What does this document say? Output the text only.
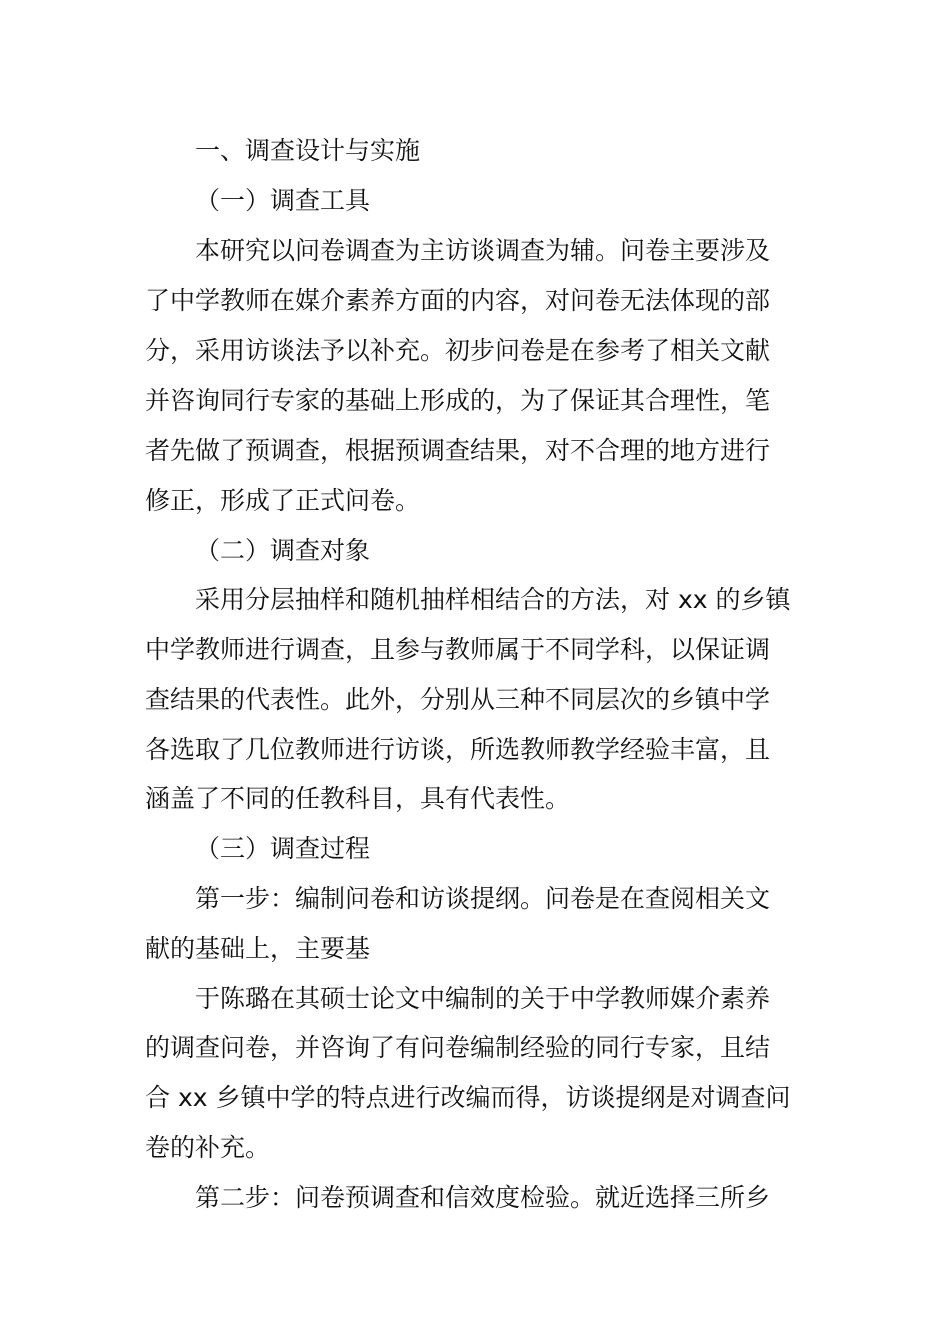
一、调查设计与实施
（一）调查工具
本研究以问卷调查为主访谈调查为辅。问卷主要涉及
了中学教师在媒介素养方面的内容，对问卷无法体现的部
分，采用访谈法予以补充。初步问卷是在参考了相关文献
并咨询同行专家的基础上形成的，为了保证其合理性，笔
者先做了预调查，根据预调查结果，对不合理的地方进行
修正，形成了正式问卷。
（二）调查对象
采用分层抽样和随机抽样相结合的方法，对 xx 的乡镇
中学教师进行调查，且参与教师属于不同学科，以保证调
查结果的代表性。此外，分别从三种不同层次的乡镇中学
各选取了几位教师进行访谈，所选教师教学经验丰富，且
涵盖了不同的任教科目，具有代表性。
（三）调查过程
第一步：编制问卷和访谈提纲。问卷是在查阅相关文
献的基础上，主要基
于陈璐在其硕士论文中编制的关于中学教师媒介素养
的调查问卷，并咨询了有问卷编制经验的同行专家，且结
合 xx 乡镇中学的特点进行改编而得，访谈提纲是对调查问
卷的补充。
第二步：问卷预调查和信效度检验。就近选择三所乡
